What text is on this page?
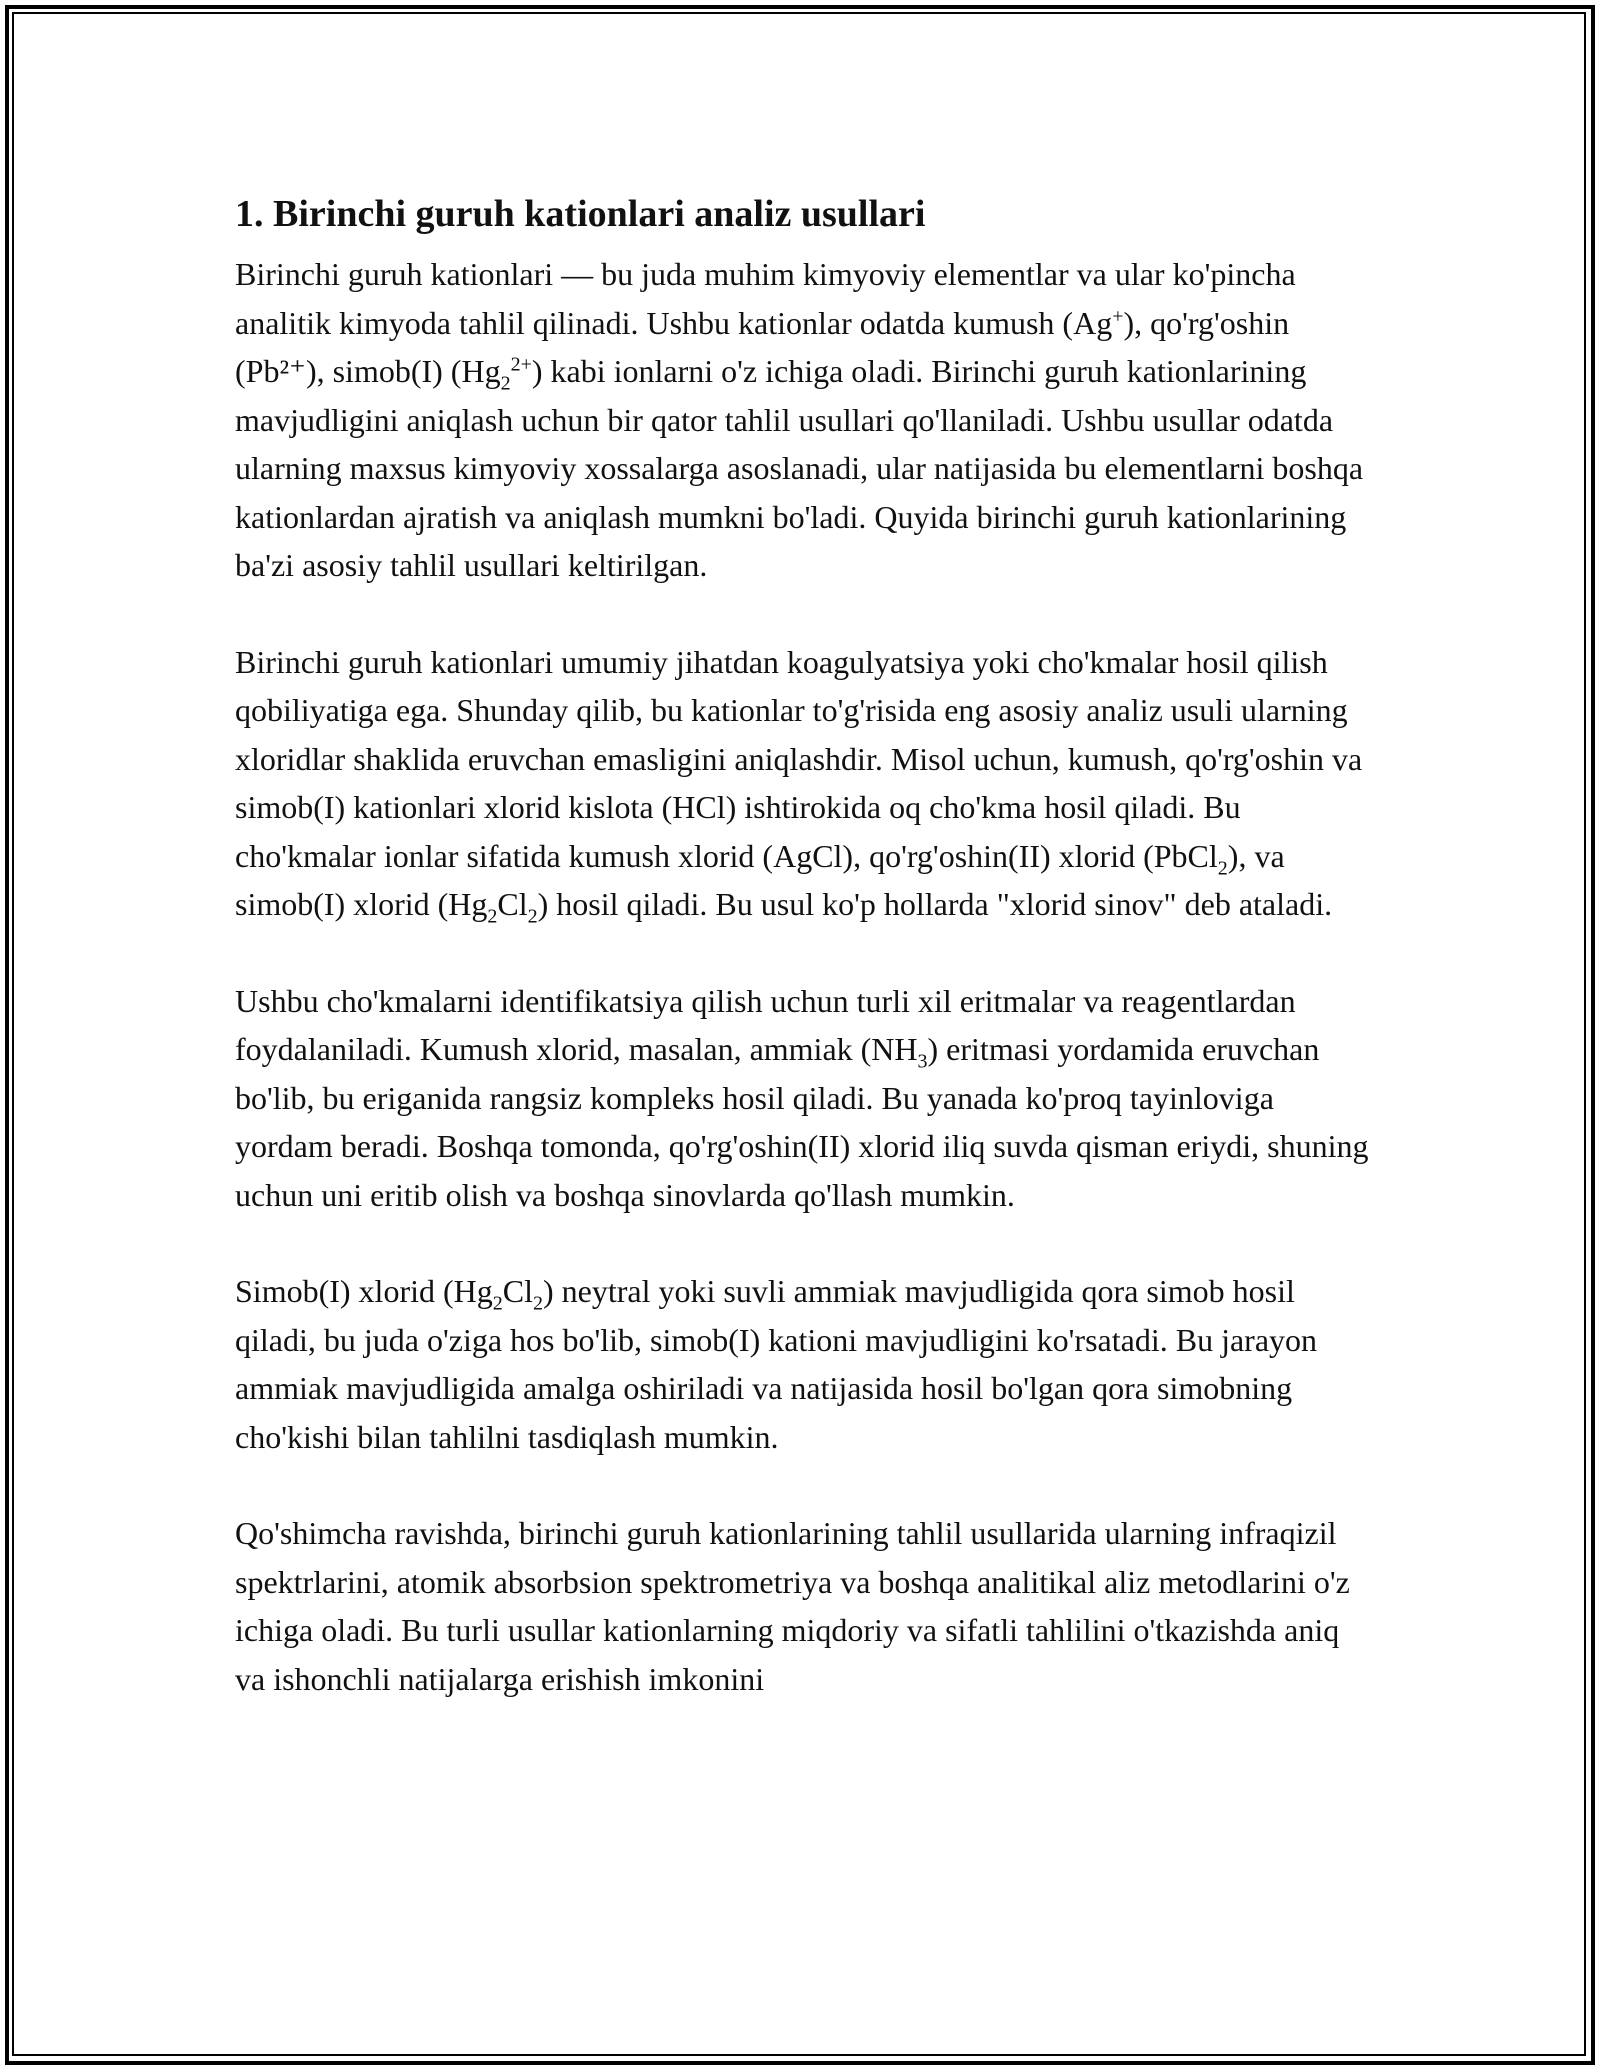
1. Birinchi guruh kationlari analiz usullari

Birinchi guruh kationlari — bu juda muhim kimyoviy elementlar va ular ko'pincha analitik kimyoda tahlil qilinadi. Ushbu kationlar odatda kumush (Ag+), qo'rg'oshin (Pb²⁺), simob(I) $(Hg_2^{2+})$ kabi ionlarni o'z ichiga oladi. Birinchi guruh kationlarining mavjudligini aniqlash uchun bir qator tahlil usullari qo'llaniladi. Ushbu usullar odatda ularning maxsus kimyoviy xossalarga asoslanadi, ular natijasida bu elementlarni boshqa kationlardan ajratish va aniqlash mumkni bo'ladi. Quyida birinchi guruh kationlarining ba'zi asosiy tahlil usullari keltirilgan.

Birinchi guruh kationlari umumiy jihatdan koagulyatsiya yoki cho'kmalar hosil qilish qobiliyatiga ega. Shunday qilib, bu kationlar to'g'risida eng asosiy analiz usuli ularning xloridlar shaklida eruvchan emasligini aniqlashdir. Misol uchun, kumush, qo'rg'oshin va simob(I) kationlari xlorid kislota (HCl) ishtirokida oq cho'kma hosil qiladi. Bu cho'kmalar ionlar sifatida kumush xlorid (AgCl), qo'rg'oshin(II) xlorid (PbCl$_2$), va simob(I) xlorid $(Hg_2Cl_2)$ hosil qiladi. Bu usul ko'p hollarda "xlorid sinov" deb ataladi.

Ushbu cho'kmalarni identifikatsiya qilish uchun turli xil eritmalar va reagentlardan foydalaniladi. Kumush xlorid, masalan, ammiak $(NH_3)$ eritmasi yordamida eruvchan bo'lib, bu eriganida rangsiz kompleks hosil qiladi. Bu yanada ko'proq tayinloviga yordam beradi. Boshqa tomonda, qo'rg'oshin(II) xlorid iliq suvda qisman eriydi, shuning uchun uni eritib olish va boshqa sinovlarda qo'llash mumkin.

Simob(I) xlorid $(Hg_2Cl_2)$ neytral yoki suvli ammiak mavjudligida qora simob hosil qiladi, bu juda o'ziga hos bo'lib, simob(I) kationi mavjudligini ko'rsatadi. Bu jarayon ammiak mavjudligida amalga oshiriladi va natijasida hosil bo'lgan qora simobning cho'kishi bilan tahlilni tasdiqlash mumkin.

Qo'shimcha ravishda, birinchi guruh kationlarining tahlil usullarida ularning infraqizil spektrlarini, atomik absorbsion spektrometriya va boshqa analitikal aliz metodlarini o'z ichiga oladi. Bu turli usullar kationlarning miqdoriy va sifatli tahlilini o'tkazishda aniq va ishonchli natijalarga erishish imkonini
